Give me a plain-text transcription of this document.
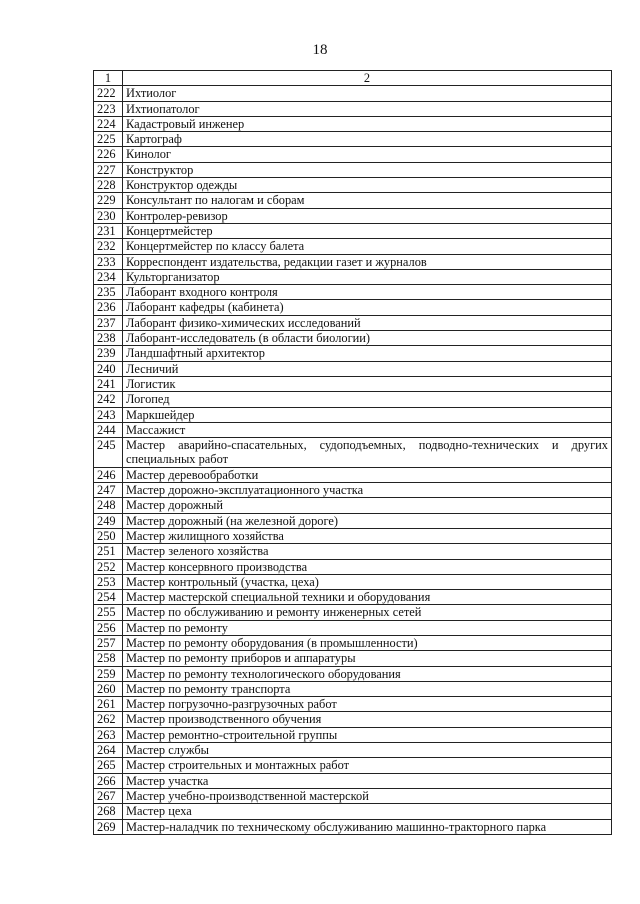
18
1	2
222	Ихтиолог
223	Ихтиопатолог
224	Кадастровый инженер
225	Картограф
226	Кинолог
227	Конструктор
228	Конструктор одежды
229	Консультант по налогам и сборам
230	Контролер-ревизор
231	Концертмейстер
232	Концертмейстер по классу балета
233	Корреспондент издательства, редакции газет и журналов
234	Культорганизатор
235	Лаборант входного контроля
236	Лаборант кафедры (кабинета)
237	Лаборант физико-химических исследований
238	Лаборант-исследователь (в области биологии)
239	Ландшафтный архитектор
240	Лесничий
241	Логистик
242	Логопед
243	Маркшейдер
244	Массажист
245	Мастер аварийно-спасательных, судоподъемных, подводно-технических и других специальных работ
246	Мастер деревообработки
247	Мастер дорожно-эксплуатационного участка
248	Мастер дорожный
249	Мастер дорожный (на железной дороге)
250	Мастер жилищного хозяйства
251	Мастер зеленого хозяйства
252	Мастер консервного производства
253	Мастер контрольный (участка, цеха)
254	Мастер мастерской специальной техники и оборудования
255	Мастер по обслуживанию и ремонту инженерных сетей
256	Мастер по ремонту
257	Мастер по ремонту оборудования (в промышленности)
258	Мастер по ремонту приборов и аппаратуры
259	Мастер по ремонту технологического оборудования
260	Мастер по ремонту транспорта
261	Мастер погрузочно-разгрузочных работ
262	Мастер производственного обучения
263	Мастер ремонтно-строительной группы
264	Мастер службы
265	Мастер строительных и монтажных работ
266	Мастер участка
267	Мастер учебно-производственной мастерской
268	Мастер цеха
269	Мастер-наладчик по техническому обслуживанию машинно-тракторного парка
